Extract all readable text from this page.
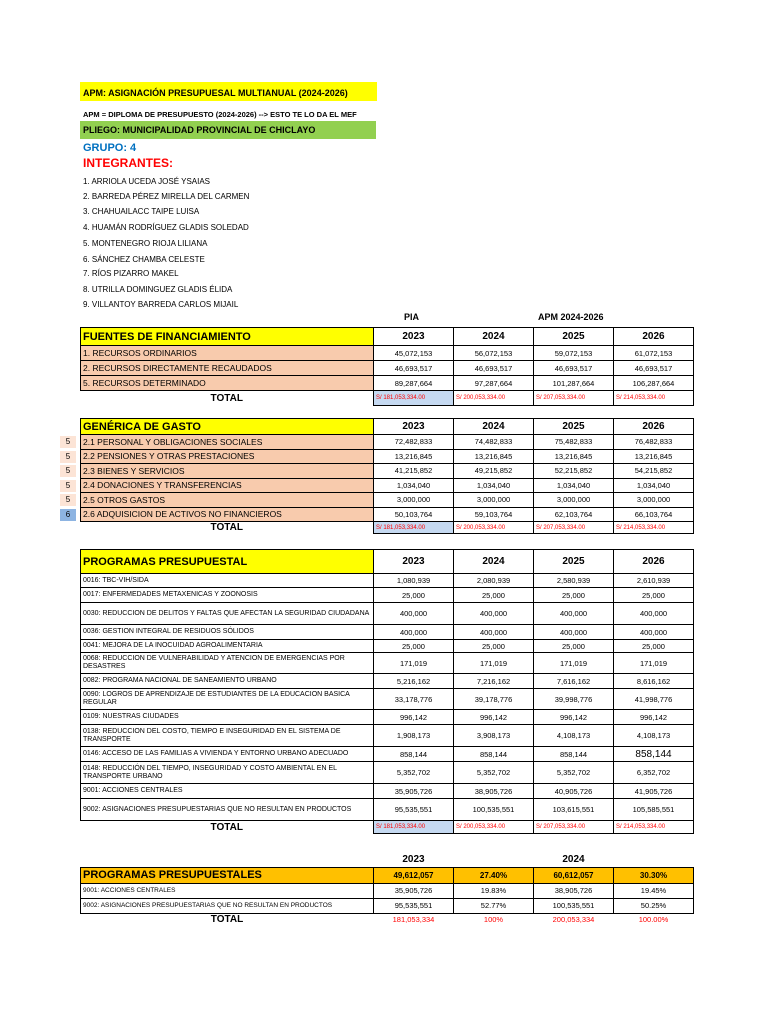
APM: ASIGNACIÓN PRESUPUESAL MULTIANUAL (2024-2026)
APM = DIPLOMA DE PRESUPUESTO (2024-2026) --> ESTO TE LO DA EL MEF
PLIEGO: MUNICIPALIDAD PROVINCIAL DE CHICLAYO
GRUPO: 4
INTEGRANTES:
1. ARRIOLA UCEDA JOSÉ YSAIAS
2. BARREDA PÉREZ MIRELLA DEL CARMEN
3. CHAHUAILACC TAIPE LUISA
4. HUAMÁN RODRÍGUEZ GLADIS SOLEDAD
5. MONTENEGRO RIOJA LILIANA
6. SÁNCHEZ CHAMBA CELESTE
7. RÍOS PIZARRO MAKEL
8. UTRILLA DOMINGUEZ GLADIS ÉLIDA
9. VILLANTOY BARREDA CARLOS MIJAIL
PIA	APM 2024-2026
FUENTES DE FINANCIAMIENTO	2023	2024	2025	2026
1. RECURSOS ORDINARIOS	45,072,153	56,072,153	59,072,153	61,072,153
2. RECURSOS DIRECTAMENTE RECAUDADOS	46,693,517	46,693,517	46,693,517	46,693,517
5. RECURSOS DETERMINADO	89,287,664	97,287,664	101,287,664	106,287,664
TOTAL	S/ 181,053,334.00	S/ 200,053,334.00	S/ 207,053,334.00	S/ 214,053,334.00
GENÉRICA DE GASTO	2023	2024	2025	2026
2.1 PERSONAL Y OBLIGACIONES SOCIALES	72,482,833	74,482,833	75,482,833	76,482,833
2.2 PENSIONES Y OTRAS PRESTACIONES	13,216,845	13,216,845	13,216,845	13,216,845
2.3 BIENES Y SERVICIOS	41,215,852	49,215,852	52,215,852	54,215,852
2.4 DONACIONES Y TRANSFERENCIAS	1,034,040	1,034,040	1,034,040	1,034,040
2.5 OTROS GASTOS	3,000,000	3,000,000	3,000,000	3,000,000
2.6 ADQUISICION DE ACTIVOS NO FINANCIEROS	50,103,764	59,103,764	62,103,764	66,103,764
TOTAL	S/ 181,053,334.00	S/ 200,053,334.00	S/ 207,053,334.00	S/ 214,053,334.00
5
5
5
5
5
6
PROGRAMAS PRESUPUESTAL	2023	2024	2025	2026
0016: TBC-VIH/SIDA	1,080,939	2,080,939	2,580,939	2,610,939
0017: ENFERMEDADES METAXENICAS Y ZOONOSIS	25,000	25,000	25,000	25,000
0030: REDUCCION DE DELITOS Y FALTAS QUE AFECTAN LA SEGURIDAD CIUDADANA	400,000	400,000	400,000	400,000
0036: GESTION INTEGRAL DE RESIDUOS SÓLIDOS	400,000	400,000	400,000	400,000
0041: MEJORA DE LA INOCUIDAD AGROALIMENTARIA	25,000	25,000	25,000	25,000
0068: REDUCCION DE VULNERABILIDAD Y ATENCION DE EMERGENCIAS POR DESASTRES	171,019	171,019	171,019	171,019
0082: PROGRAMA NACIONAL DE SANEAMIENTO URBANO	5,216,162	7,216,162	7,616,162	8,616,162
0090: LOGROS DE APRENDIZAJE DE ESTUDIANTES DE LA EDUCACION BASICA REGULAR	33,178,776	39,178,776	39,998,776	41,998,776
0109: NUESTRAS CIUDADES	996,142	996,142	996,142	996,142
0138: REDUCCION DEL COSTO, TIEMPO E INSEGURIDAD EN EL SISTEMA DE TRANSPORTE	1,908,173	3,908,173	4,108,173	4,108,173
0146: ACCESO DE LAS FAMILIAS A VIVIENDA Y ENTORNO URBANO ADECUADO	858,144	858,144	858,144	858,144
0148: REDUCCIÓN DEL TIEMPO, INSEGURIDAD Y COSTO AMBIENTAL EN EL TRANSPORTE URBANO	5,352,702	5,352,702	5,352,702	6,352,702
9001: ACCIONES CENTRALES	35,905,726	38,905,726	40,905,726	41,905,726
9002: ASIGNACIONES PRESUPUESTARIAS QUE NO RESULTAN EN PRODUCTOS	95,535,551	100,535,551	103,615,551	105,585,551
TOTAL	S/ 181,053,334.00	S/ 200,053,334.00	S/ 207,053,334.00	S/ 214,053,334.00
	2023		2024	
PROGRAMAS PRESUPUESTALES	49,612,057	27.40%	60,612,057	30.30%
9001: ACCIONES CENTRALES	35,905,726	19.83%	38,905,726	19.45%
9002: ASIGNACIONES PRESUPUESTARIAS QUE NO RESULTAN EN PRODUCTOS	95,535,551	52.77%	100,535,551	50.25%
TOTAL	181,053,334	100%	200,053,334	100.00%
